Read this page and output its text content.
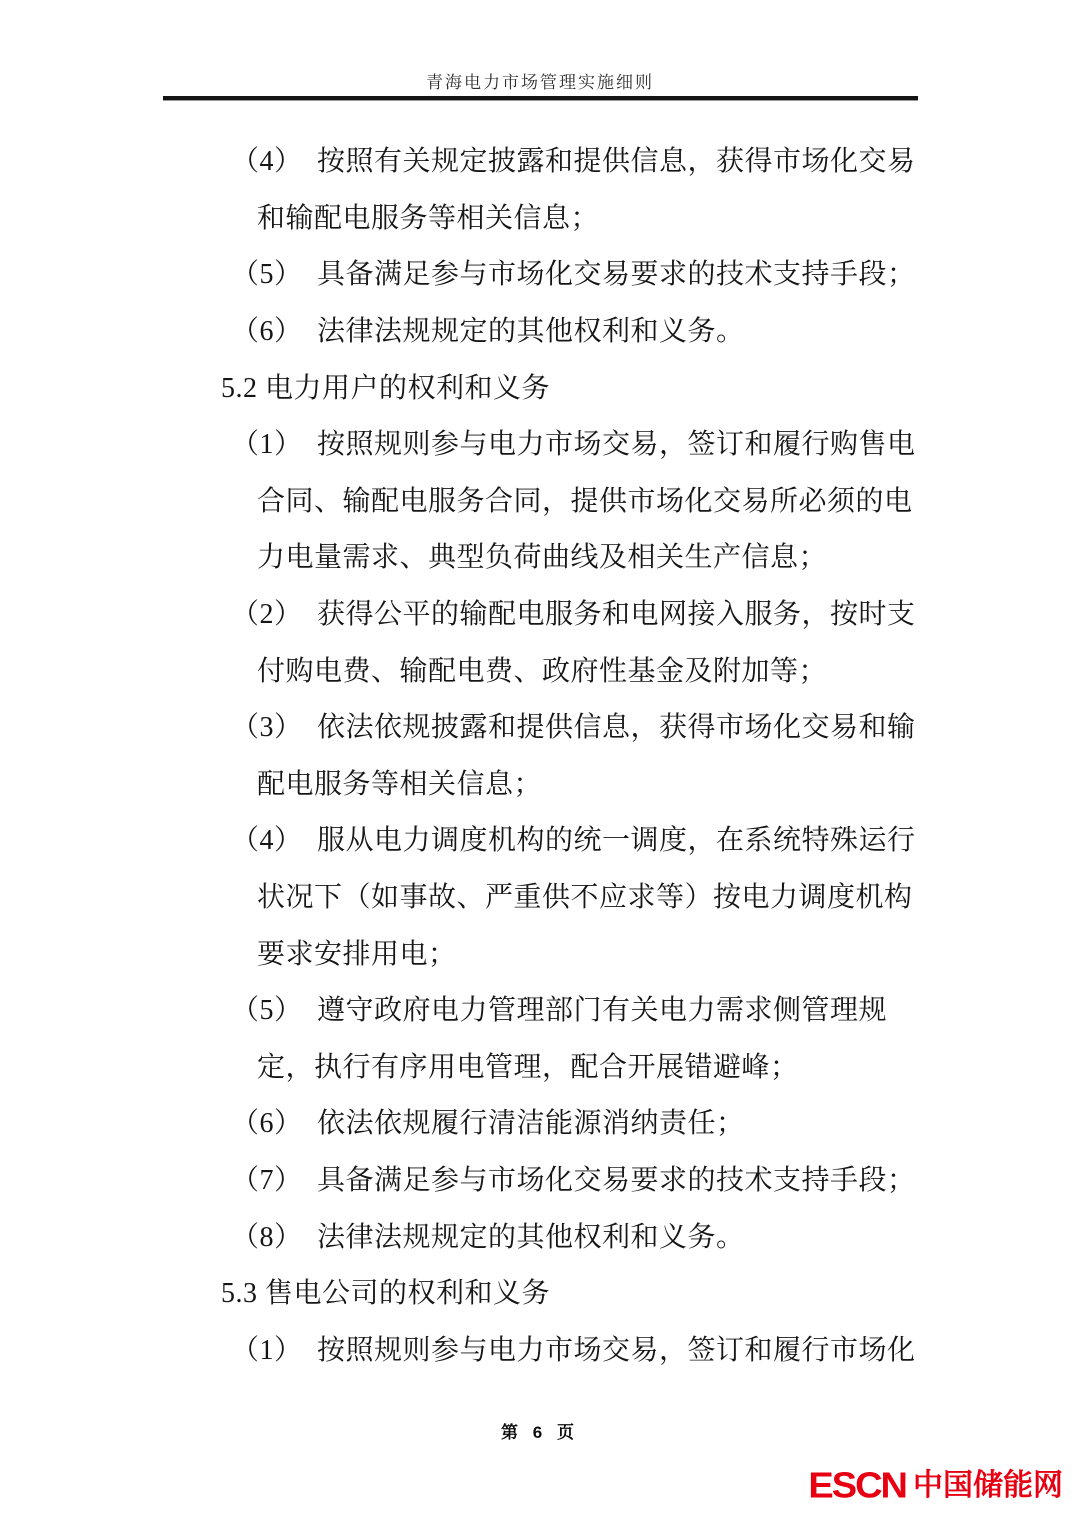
青海电力市场管理实施细则
（4）　按照有关规定披露和提供信息，获得市场化交易
和输配电服务等相关信息；
（5）　具备满足参与市场化交易要求的技术支持手段；
（6）　法律法规规定的其他权利和义务。
5.2 电力用户的权利和义务
（1）　按照规则参与电力市场交易，签订和履行购售电
合同、输配电服务合同，提供市场化交易所必须的电
力电量需求、典型负荷曲线及相关生产信息；
（2）　获得公平的输配电服务和电网接入服务，按时支
付购电费、输配电费、政府性基金及附加等；
（3）　依法依规披露和提供信息，获得市场化交易和输
配电服务等相关信息；
（4）　服从电力调度机构的统一调度，在系统特殊运行
状况下（如事故、严重供不应求等）按电力调度机构
要求安排用电；
（5）　遵守政府电力管理部门有关电力需求侧管理规
定，执行有序用电管理，配合开展错避峰；
（6）　依法依规履行清洁能源消纳责任；
（7）　具备满足参与市场化交易要求的技术支持手段；
（8）　法律法规规定的其他权利和义务。
5.3 售电公司的权利和义务
（1）　按照规则参与电力市场交易，签订和履行市场化
第 6 页
ESCN 中国储能网
